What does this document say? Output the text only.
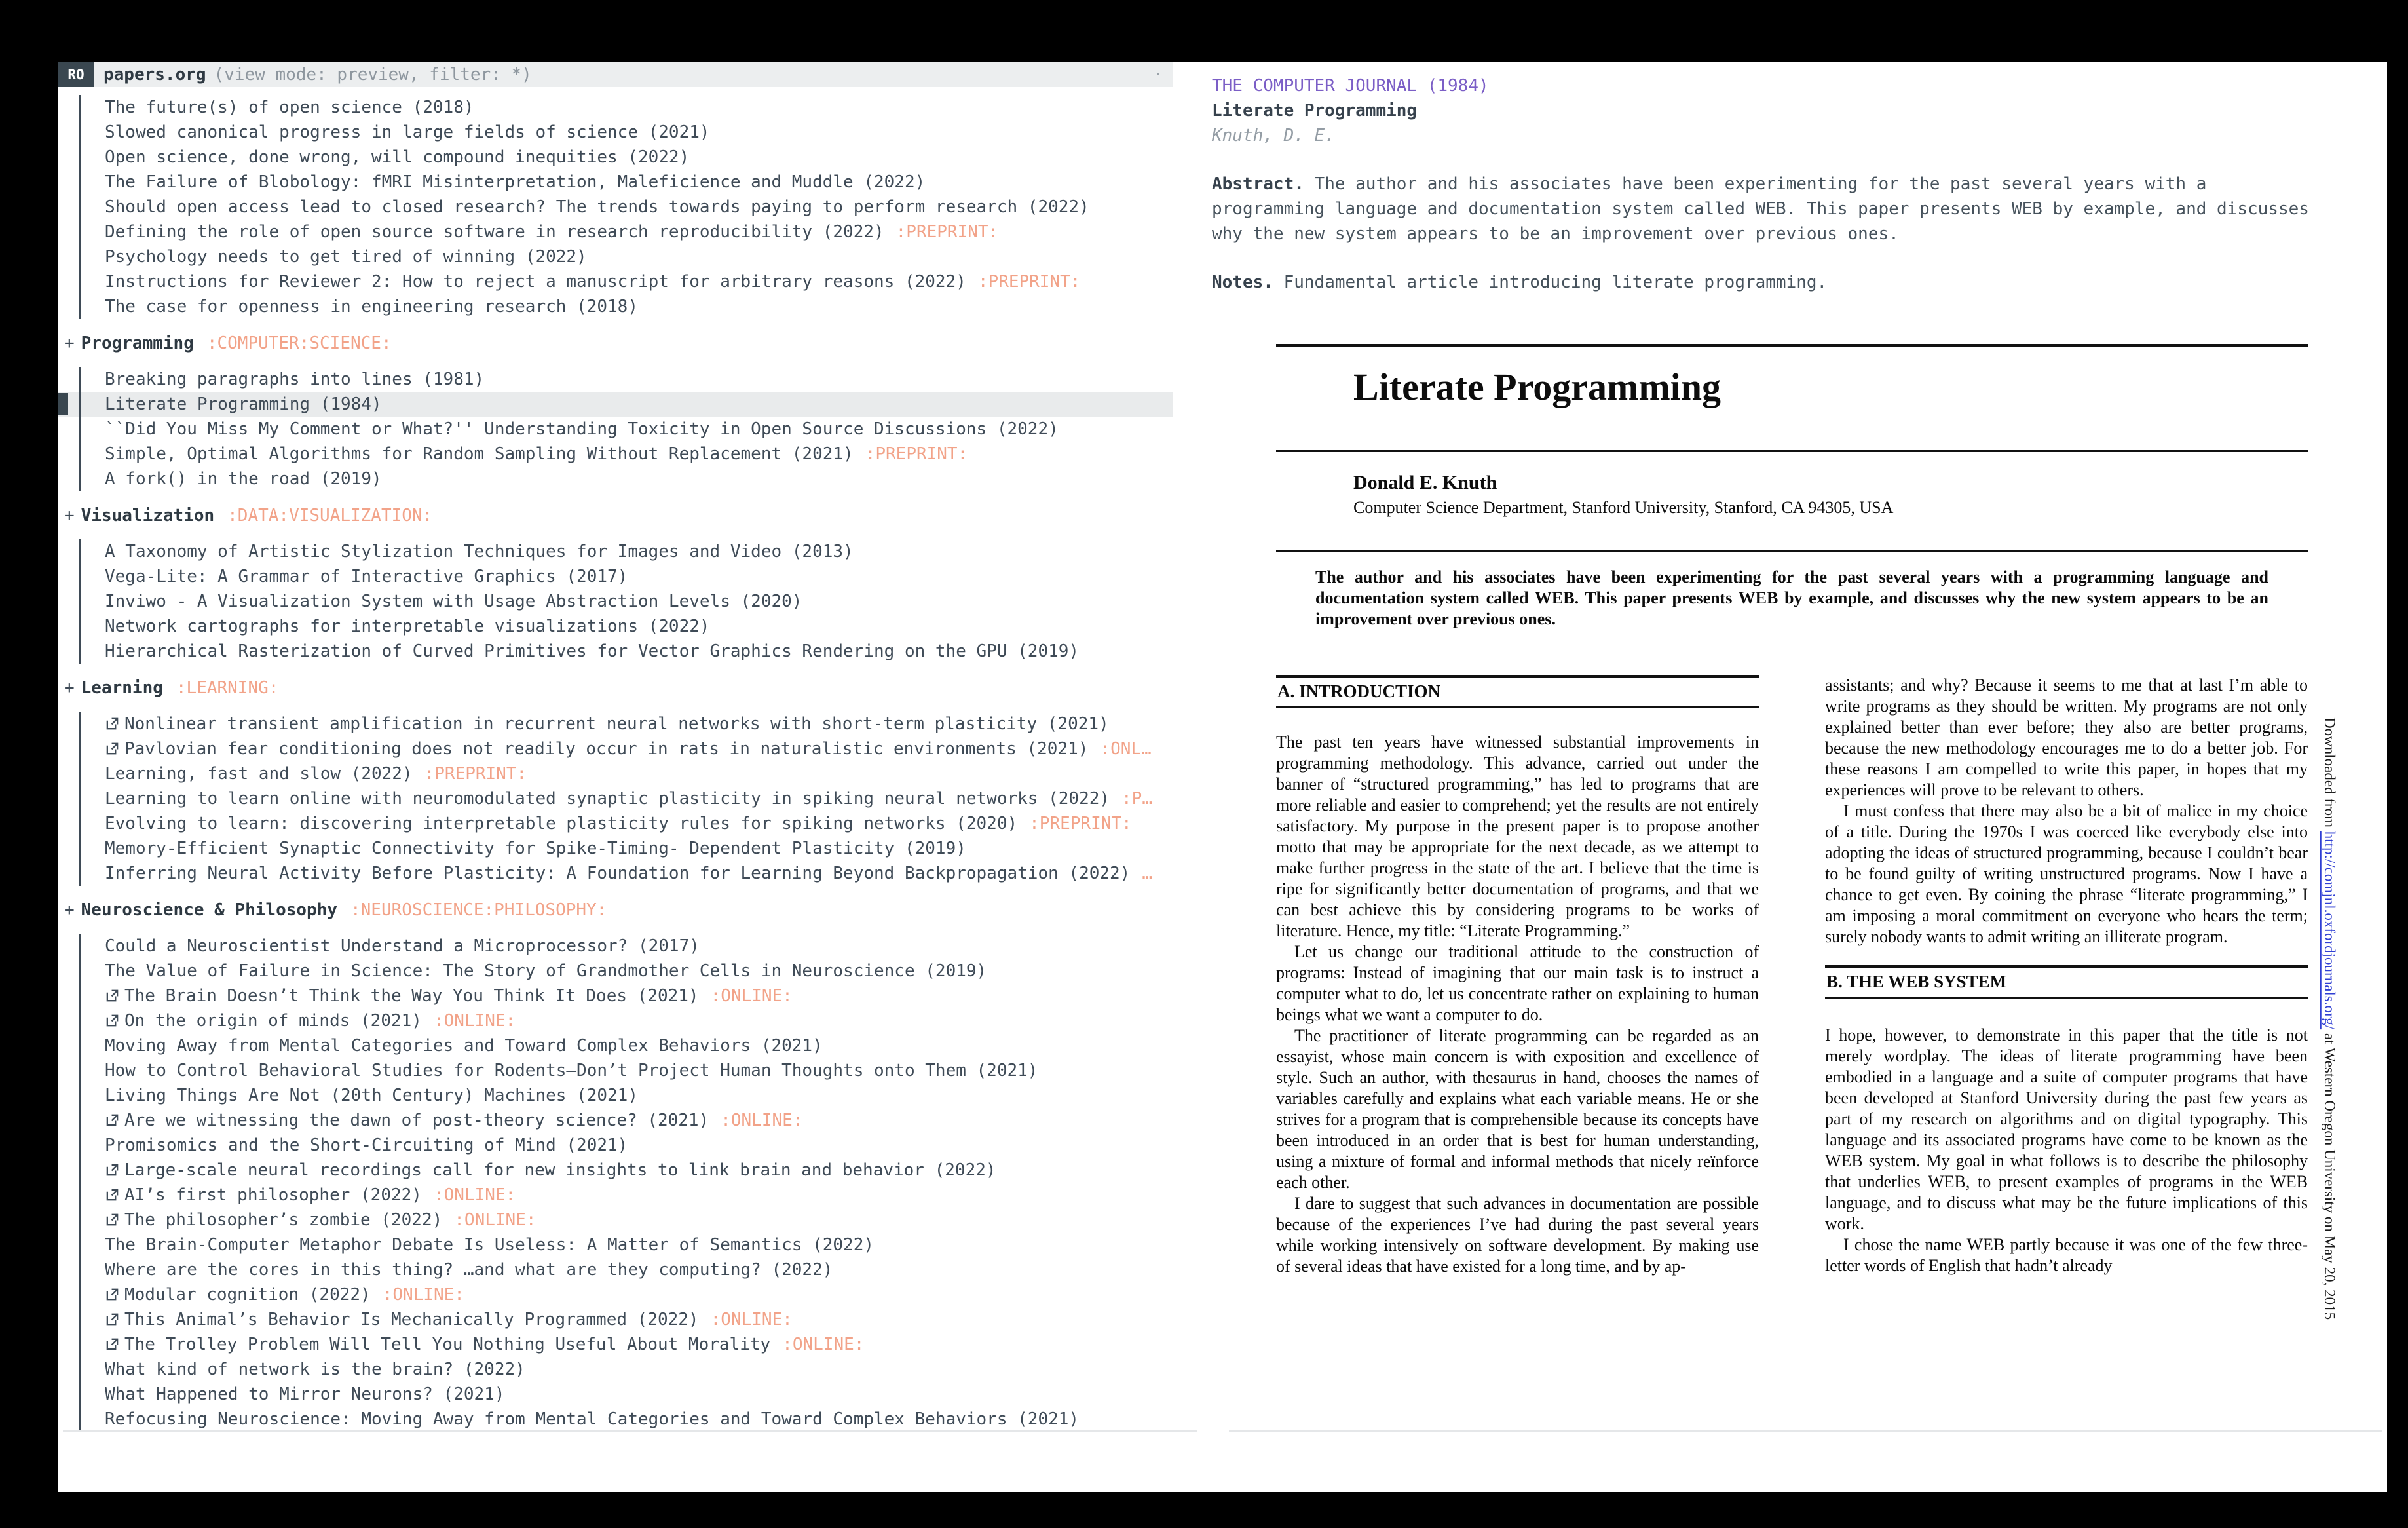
RO	papers.org (view mode: preview, filter: *)	·
The future(s) of open science (2018)
Slowed canonical progress in large fields of science (2021)
Open science, done wrong, will compound inequities (2022)
The Failure of Blobology: fMRI Misinterpretation, Maleficience and Muddle (2022)
Should open access lead to closed research? The trends towards paying to perform research (2022)
Defining the role of open source software in research reproducibility (2022) :PREPRINT:
Psychology needs to get tired of winning (2022)
Instructions for Reviewer 2: How to reject a manuscript for arbitrary reasons (2022) :PREPRINT:
The case for openness in engineering research (2018)
+ Programming :COMPUTER:SCIENCE:
Breaking paragraphs into lines (1981)
Literate Programming (1984)
``Did You Miss My Comment or What?'' Understanding Toxicity in Open Source Discussions (2022)
Simple, Optimal Algorithms for Random Sampling Without Replacement (2021) :PREPRINT:
A fork() in the road (2019)
+ Visualization :DATA:VISUALIZATION:
A Taxonomy of Artistic Stylization Techniques for Images and Video (2013)
Vega-Lite: A Grammar of Interactive Graphics (2017)
Inviwo - A Visualization System with Usage Abstraction Levels (2020)
Network cartographs for interpretable visualizations (2022)
Hierarchical Rasterization of Curved Primitives for Vector Graphics Rendering on the GPU (2019)
+ Learning :LEARNING:
Nonlinear transient amplification in recurrent neural networks with short-term plasticity (2021)
Pavlovian fear conditioning does not readily occur in rats in naturalistic environments (2021) :ONL…
Learning, fast and slow (2022) :PREPRINT:
Learning to learn online with neuromodulated synaptic plasticity in spiking neural networks (2022) :P…
Evolving to learn: discovering interpretable plasticity rules for spiking networks (2020) :PREPRINT:
Memory-Efficient Synaptic Connectivity for Spike-Timing- Dependent Plasticity (2019)
Inferring Neural Activity Before Plasticity: A Foundation for Learning Beyond Backpropagation (2022) …
+ Neuroscience & Philosophy :NEUROSCIENCE:PHILOSOPHY:
Could a Neuroscientist Understand a Microprocessor? (2017)
The Value of Failure in Science: The Story of Grandmother Cells in Neuroscience (2019)
The Brain Doesn’t Think the Way You Think It Does (2021) :ONLINE:
On the origin of minds (2021) :ONLINE:
Moving Away from Mental Categories and Toward Complex Behaviors (2021)
How to Control Behavioral Studies for Rodents–Don’t Project Human Thoughts onto Them (2021)
Living Things Are Not (20th Century) Machines (2021)
Are we witnessing the dawn of post-theory science? (2021) :ONLINE:
Promisomics and the Short-Circuiting of Mind (2021)
Large-scale neural recordings call for new insights to link brain and behavior (2022)
AI’s first philosopher (2022) :ONLINE:
The philosopher’s zombie (2022) :ONLINE:
The Brain-Computer Metaphor Debate Is Useless: A Matter of Semantics (2022)
Where are the cores in this thing? …and what are they computing? (2022)
Modular cognition (2022) :ONLINE:
This Animal’s Behavior Is Mechanically Programmed (2022) :ONLINE:
The Trolley Problem Will Tell You Nothing Useful About Morality :ONLINE:
What kind of network is the brain? (2022)
What Happened to Mirror Neurons? (2021)
Refocusing Neuroscience: Moving Away from Mental Categories and Toward Complex Behaviors (2021)
THE COMPUTER JOURNAL (1984)
Literate Programming
Knuth, D. E.
Abstract. The author and his associates have been experimenting for the past several years with a programming language and documentation system called WEB. This paper presents WEB by example, and discusses why the new system appears to be an improvement over previous ones.
Notes. Fundamental article introducing literate programming.
Literate Programming
Donald E. Knuth
Computer Science Department, Stanford University, Stanford, CA 94305, USA
The author and his associates have been experimenting for the past several years with a programming language and documentation system called WEB. This paper presents WEB by example, and discusses why the new system appears to be an improvement over previous ones.
A. INTRODUCTION

The past ten years have witnessed substantial improvements in programming methodology. This advance, carried out under the banner of “structured programming,” has led to programs that are more reliable and easier to comprehend; yet the results are not entirely satisfactory. My purpose in the present paper is to propose another motto that may be appropriate for the next decade, as we attempt to make further progress in the state of the art. I believe that the time is ripe for significantly better documentation of programs, and that we can best achieve this by considering programs to be works of literature. Hence, my title: “Literate Programming.”

Let us change our traditional attitude to the construction of programs: Instead of imagining that our main task is to instruct a computer what to do, let us concentrate rather on explaining to human beings what we want a computer to do.

The practitioner of literate programming can be regarded as an essayist, whose main concern is with exposition and excellence of style. Such an author, with thesaurus in hand, chooses the names of variables carefully and explains what each variable means. He or she strives for a program that is comprehensible because its concepts have been introduced in an order that is best for human understanding, using a mixture of formal and informal methods that nicely reïnforce each other.

I dare to suggest that such advances in documentation are possible because of the experiences I’ve had during the past several years while working intensively on software development. By making use of several ideas that have existed for a long time, and by ap-

assistants; and why? Because it seems to me that at last I’m able to write programs as they should be written. My programs are not only explained better than ever before; they also are better programs, because the new methodology encourages me to do a better job. For these reasons I am compelled to write this paper, in hopes that my experiences will prove to be relevant to others.

I must confess that there may also be a bit of malice in my choice of a title. During the 1970s I was coerced like everybody else into adopting the ideas of structured programming, because I couldn’t bear to be found guilty of writing unstructured programs. Now I have a chance to get even. By coining the phrase “literate programming,” I am imposing a moral commitment on everyone who hears the term; surely nobody wants to admit writing an illiterate program.

B. THE WEB SYSTEM

I hope, however, to demonstrate in this paper that the title is not merely wordplay. The ideas of literate programming have been embodied in a language and a suite of computer programs that have been developed at Stanford University during the past few years as part of my research on algorithms and on digital typography. This language and its associated programs have come to be known as the WEB system. My goal in what follows is to describe the philosophy that underlies WEB, to present examples of programs in the WEB language, and to discuss what may be the future implications of this work.

I chose the name WEB partly because it was one of the few three-letter words of English that hadn’t already

Downloaded from http://comjnl.oxfordjournals.org/ at Western Oregon University on May 20, 2015
